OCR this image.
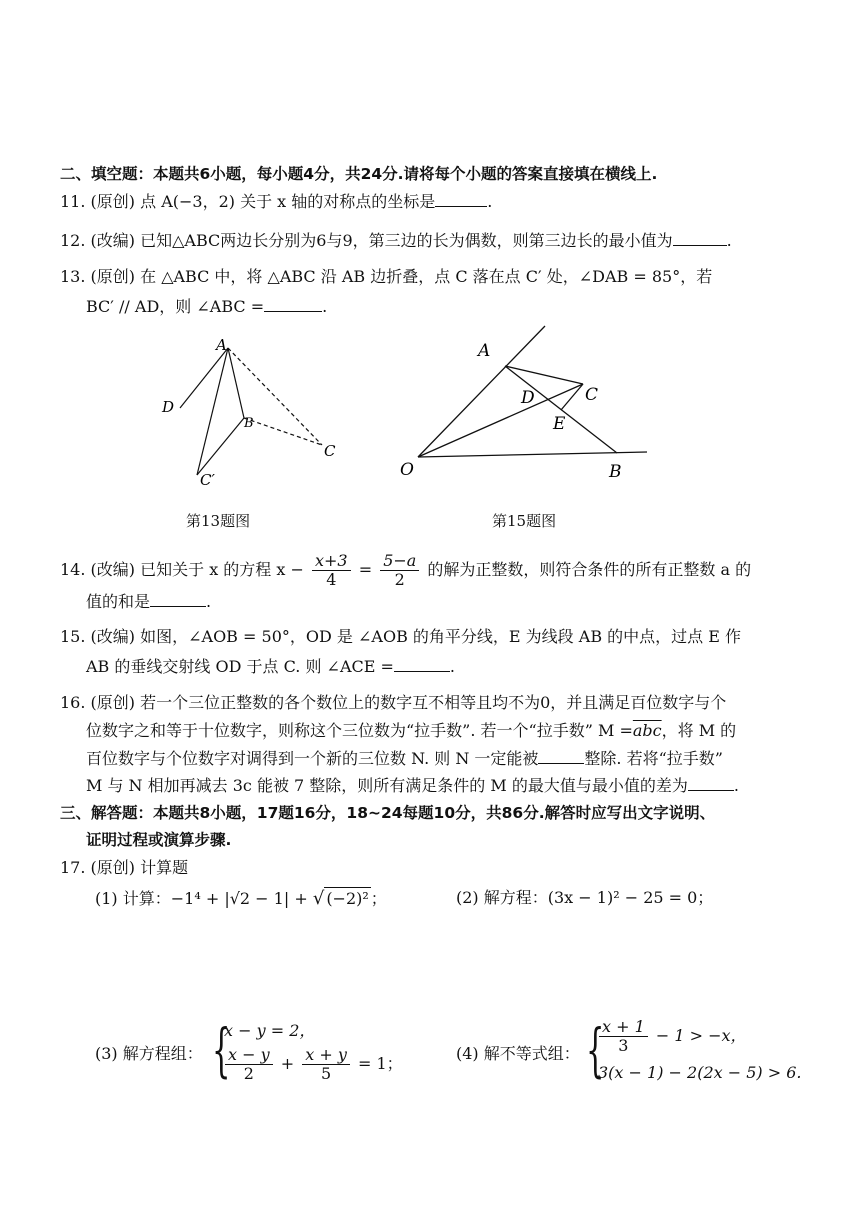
二、填空题：本题共6小题，每小题4分，共24分.请将每个小题的答案直接填在横线上.
11. (原创) 点 A(−3，2) 关于 x 轴的对称点的坐标是	.
12. (改编) 已知△ABC两边长分别为6与9，第三边的长为偶数，则第三边长的最小值为	.
13. (原创) 在 △ABC 中，将 △ABC 沿 AB 边折叠，点 C 落在点 C′ 处，∠DAB = 85°，若
BC′ // AD，则 ∠ABC =	.
A
D
B
C
C′
第13题图
A
D	C
E
O	B
第15题图
14. (改编) 已知关于 x 的方程 $x - \frac{x+3}{4} = \frac{5-a}{2}$ 的解为正整数，则符合条件的所有正整数 a 的
值的和是	.
15. (改编) 如图，∠AOB = 50°，OD 是 ∠AOB 的角平分线，E 为线段 AB 的中点，过点 E 作
AB 的垂线交射线 OD 于点 C. 则 ∠ACE =	.
16. (原创) 若一个三位正整数的各个数位上的数字互不相等且均不为0，并且满足百位数字与个
位数字之和等于十位数字，则称这个三位数为“拉手数”. 若一个“拉手数” $M =\overline{abc}$，将 M 的
百位数字与个位数字对调得到一个新的三位数 N. 则 N 一定能被	整除. 若将“拉手数”
M 与 N 相加再减去 3c 能被 7 整除，则所有满足条件的 M 的最大值与最小值的差为	.
三、解答题：本题共8小题，17题16分，18~24每题10分，共86分.解答时应写出文字说明、
证明过程或演算步骤.
17. (原创) 计算题
(1) 计算：−1⁴ + |√2 − 1| + √ (−2)² ；	(2) 解方程：(3x − 1)² − 25 = 0；
(3) 解方程组： {
x − y = 2，
$\frac{x - y}{2} + \frac{x + y}{5} = 1$；
(4) 解不等式组： {
$\frac{x + 1}{3} - 1 > -x$，
3(x − 1) − 2(2x − 5) > 6.
